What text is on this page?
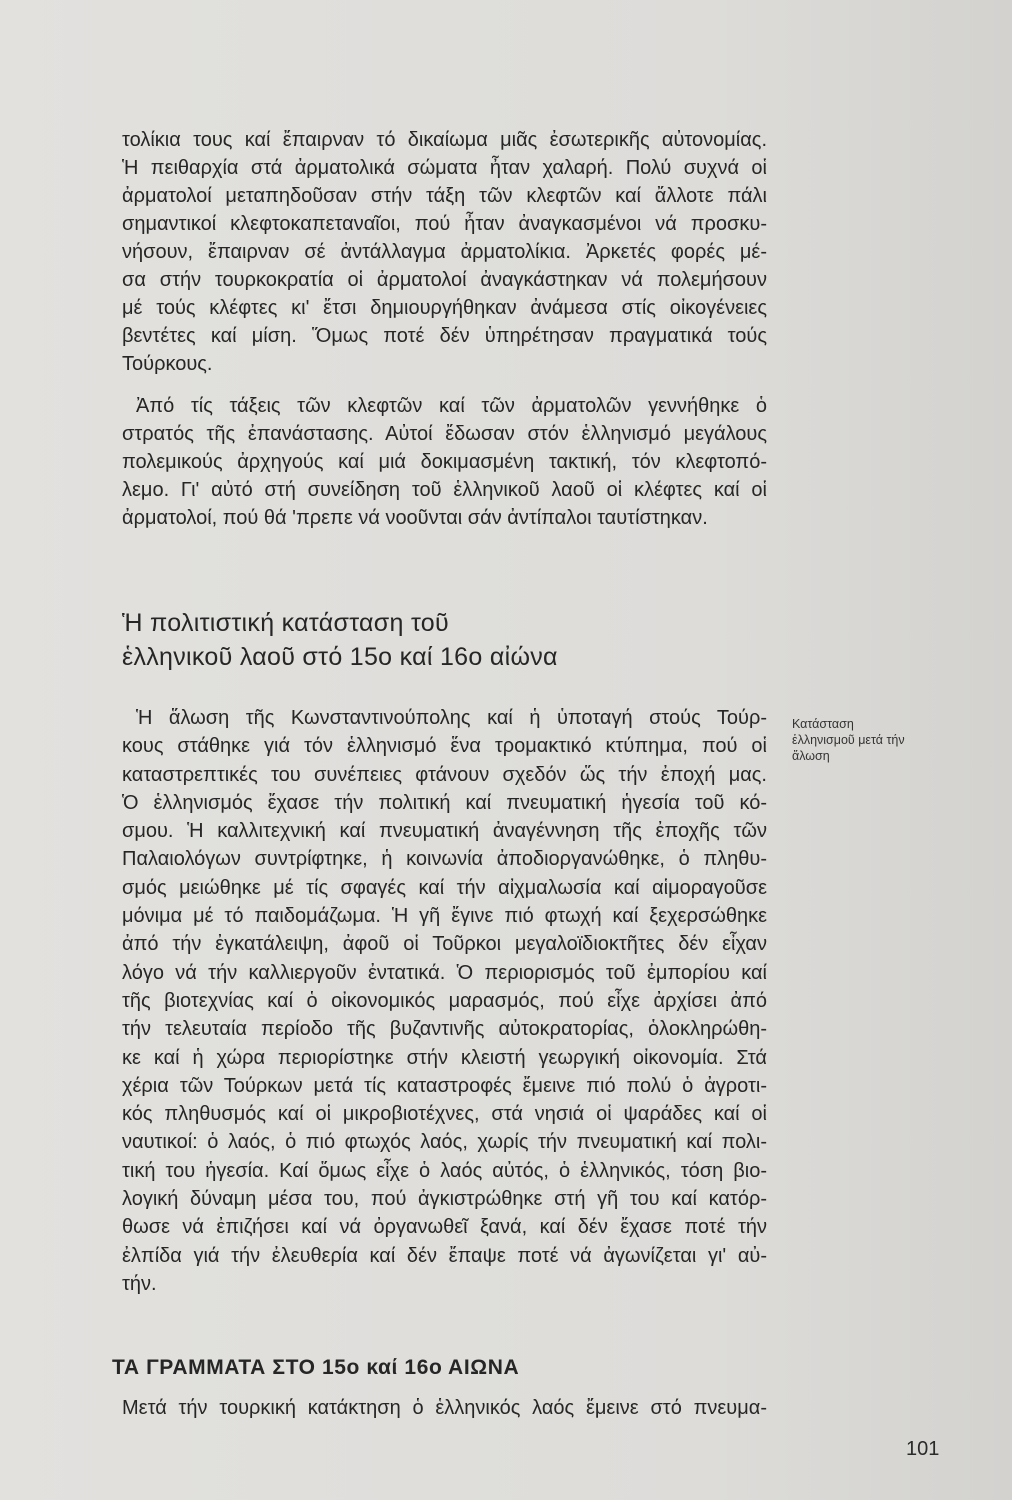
τολίκια τους καί ἔπαιρναν τό δικαίωμα μιᾶς ἐσωτερικῆς αὐτονομίας.
Ἡ πειθαρχία στά ἀρματολικά σώματα ἦταν χαλαρή. Πολύ συχνά οἱ
ἀρματολοί μεταπηδοῦσαν στήν τάξη τῶν κλεφτῶν καί ἄλλοτε πάλι
σημαντικοί κλεφτοκαπεταναῖοι, πού ἦταν ἀναγκασμένοι νά προσκυ-
νήσουν, ἔπαιρναν σέ ἀντάλλαγμα ἀρματολίκια. Ἀρκετές φορές μέ-
σα στήν τουρκοκρατία οἱ ἀρματολοί ἀναγκάστηκαν νά πολεμήσουν
μέ τούς κλέφτες κι' ἔτσι δημιουργήθηκαν ἀνάμεσα στίς οἰκογένειες
βεντέτες καί μίση. Ὅμως ποτέ δέν ὑπηρέτησαν πραγματικά τούς
Τούρκους.
Ἀπό τίς τάξεις τῶν κλεφτῶν καί τῶν ἀρματολῶν γεννήθηκε ὁ
στρατός τῆς ἐπανάστασης. Αὐτοί ἔδωσαν στόν ἑλληνισμό μεγάλους
πολεμικούς ἀρχηγούς καί μιά δοκιμασμένη τακτική, τόν κλεφτοπό-
λεμο. Γι' αὐτό στή συνείδηση τοῦ ἑλληνικοῦ λαοῦ οἱ κλέφτες καί οἱ
ἀρματολοί, πού θά 'πρεπε νά νοοῦνται σάν ἀντίπαλοι ταυτίστηκαν.
Ἡ πολιτιστική κατάσταση τοῦ
ἑλληνικοῦ λαοῦ στό 15ο καί 16ο αἰώνα
Κατάσταση
ἑλληνισμοῦ μετά τήν
ἅλωση
Ἡ ἅλωση τῆς Κωνσταντινούπολης καί ἡ ὑποταγή στούς Τούρ-
κους στάθηκε γιά τόν ἑλληνισμό ἕνα τρομακτικό κτύπημα, πού οἱ
καταστρεπτικές του συνέπειες φτάνουν σχεδόν ὥς τήν ἐποχή μας.
Ὁ ἑλληνισμός ἔχασε τήν πολιτική καί πνευματική ἡγεσία τοῦ κό-
σμου. Ἡ καλλιτεχνική καί πνευματική ἀναγέννηση τῆς ἐποχῆς τῶν
Παλαιολόγων συντρίφτηκε, ἡ κοινωνία ἀποδιοργανώθηκε, ὁ πληθυ-
σμός μειώθηκε μέ τίς σφαγές καί τήν αἰχμαλωσία καί αἱμοραγοῦσε
μόνιμα μέ τό παιδομάζωμα. Ἡ γῆ ἔγινε πιό φτωχή καί ξεχερσώθηκε
ἀπό τήν ἐγκατάλειψη, ἀφοῦ οἱ Τοῦρκοι μεγαλοϊδιοκτῆτες δέν εἶχαν
λόγο νά τήν καλλιεργοῦν ἐντατικά. Ὁ περιορισμός τοῦ ἐμπορίου καί
τῆς βιοτεχνίας καί ὁ οἰκονομικός μαρασμός, πού εἶχε ἀρχίσει ἀπό
τήν τελευταία περίοδο τῆς βυζαντινῆς αὐτοκρατορίας, ὁλοκληρώθη-
κε καί ἡ χώρα περιορίστηκε στήν κλειστή γεωργική οἰκονομία. Στά
χέρια τῶν Τούρκων μετά τίς καταστροφές ἔμεινε πιό πολύ ὁ ἀγροτι-
κός πληθυσμός καί οἱ μικροβιοτέχνες, στά νησιά οἱ ψαράδες καί οἱ
ναυτικοί: ὁ λαός, ὁ πιό φτωχός λαός, χωρίς τήν πνευματική καί πολι-
τική του ἡγεσία. Καί ὅμως εἶχε ὁ λαός αὐτός, ὁ ἑλληνικός, τόση βιο-
λογική δύναμη μέσα του, πού ἀγκιστρώθηκε στή γῆ του καί κατόρ-
θωσε νά ἐπιζήσει καί νά ὀργανωθεῖ ξανά, καί δέν ἔχασε ποτέ τήν
ἐλπίδα γιά τήν ἐλευθερία καί δέν ἔπαψε ποτέ νά ἀγωνίζεται γι' αὐ-
τήν.
ΤΑ ΓΡΑΜΜΑΤΑ ΣΤΟ 15ο καί 16ο ΑΙΩΝΑ
Μετά τήν τουρκική κατάκτηση ὁ ἑλληνικός λαός ἔμεινε στό πνευμα-
101
